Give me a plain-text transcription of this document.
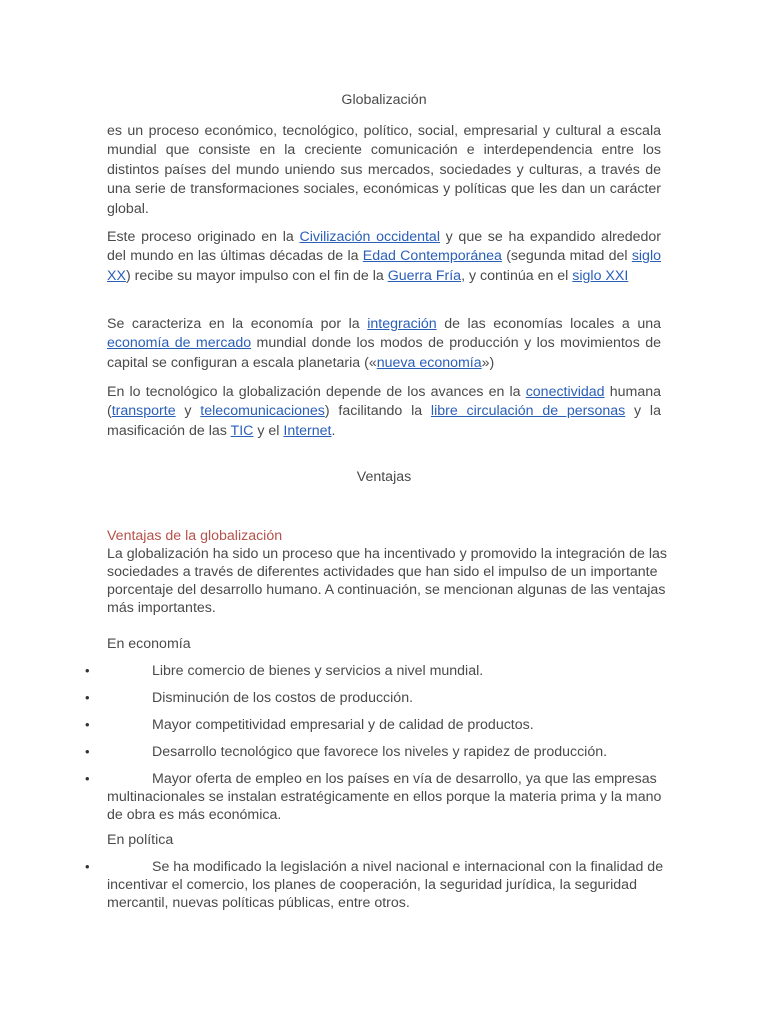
Globalización

es un proceso económico, tecnológico, político, social, empresarial y cultural a escala mundial que consiste en la creciente comunicación e interdependencia entre los distintos países del mundo uniendo sus mercados, sociedades y culturas, a través de una serie de transformaciones sociales, económicas y políticas que les dan un carácter global.

Este proceso originado en la Civilización occidental y que se ha expandido alrededor del mundo en las últimas décadas de la Edad Contemporánea (segunda mitad del siglo XX) recibe su mayor impulso con el fin de la Guerra Fría, y continúa en el siglo XXI

Se caracteriza en la economía por la integración de las economías locales a una economía de mercado mundial donde los modos de producción y los movimientos de capital se configuran a escala planetaria («nueva economía»)

En lo tecnológico la globalización depende de los avances en la conectividad humana (transporte y telecomunicaciones) facilitando la libre circulación de personas y la masificación de las TIC y el Internet.

Ventajas
Ventajas de la globalización
La globalización ha sido un proceso que ha incentivado y promovido la integración de las sociedades a través de diferentes actividades que han sido el impulso de un importante porcentaje del desarrollo humano. A continuación, se mencionan algunas de las ventajas más importantes.

En economía

•	Libre comercio de bienes y servicios a nivel mundial.
•	Disminución de los costos de producción.
•	Mayor competitividad empresarial y de calidad de productos.
•	Desarrollo tecnológico que favorece los niveles y rapidez de producción.
•	Mayor oferta de empleo en los países en vía de desarrollo, ya que las empresas multinacionales se instalan estratégicamente en ellos porque la materia prima y la mano de obra es más económica.

En política

•	Se ha modificado la legislación a nivel nacional e internacional con la finalidad de incentivar el comercio, los planes de cooperación, la seguridad jurídica, la seguridad mercantil, nuevas políticas públicas, entre otros.
